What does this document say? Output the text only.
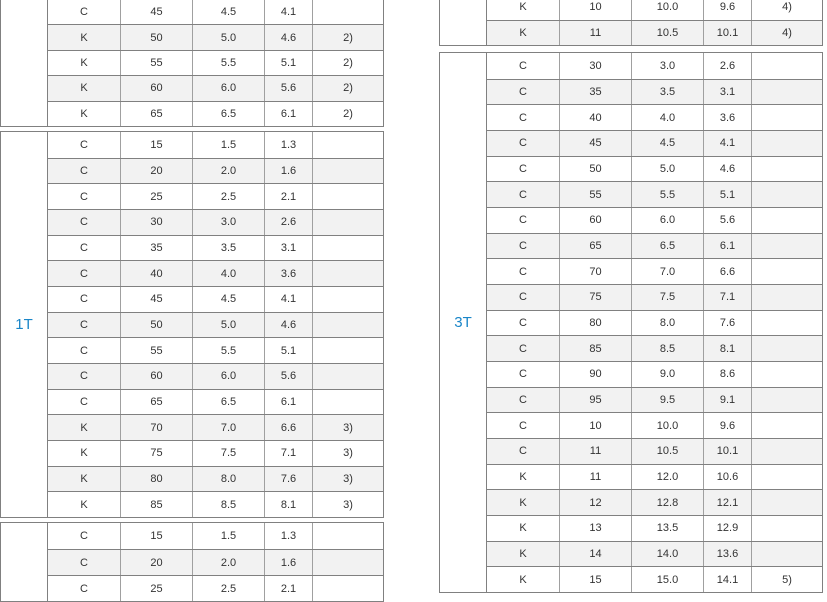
C	45	4.5	4.1
K	50	5.0	4.6	2)
K	55	5.5	5.1	2)
K	60	6.0	5.6	2)
K	65	6.5	6.1	2)
1T
C	15	1.5	1.3
C	20	2.0	1.6
C	25	2.5	2.1
C	30	3.0	2.6
C	35	3.5	3.1
C	40	4.0	3.6
C	45	4.5	4.1
C	50	5.0	4.6
C	55	5.5	5.1
C	60	6.0	5.6
C	65	6.5	6.1
K	70	7.0	6.6	3)
K	75	7.5	7.1	3)
K	80	8.0	7.6	3)
K	85	8.5	8.1	3)
C	15	1.5	1.3
C	20	2.0	1.6
C	25	2.5	2.1
K	10	10.0	9.6	4)
K	11	10.5	10.1	4)
3T
C	30	3.0	2.6
C	35	3.5	3.1
C	40	4.0	3.6
C	45	4.5	4.1
C	50	5.0	4.6
C	55	5.5	5.1
C	60	6.0	5.6
C	65	6.5	6.1
C	70	7.0	6.6
C	75	7.5	7.1
C	80	8.0	7.6
C	85	8.5	8.1
C	90	9.0	8.6
C	95	9.5	9.1
C	10	10.0	9.6
C	11	10.5	10.1
K	11	12.0	10.6
K	12	12.8	12.1
K	13	13.5	12.9
K	14	14.0	13.6
K	15	15.0	14.1	5)
